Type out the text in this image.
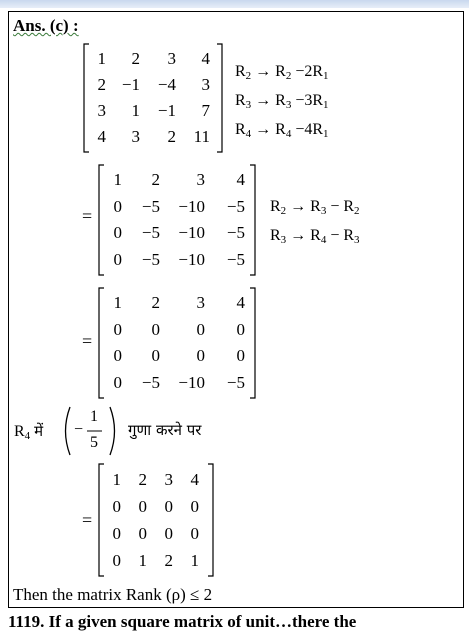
Ans. (c) :
1 2 3 4
2 −1 −4 3
3 1 −1 7
4 3 2 11
$R_2 \to R_2 -2R_1$
$R_3 \to R_3 -3R_1$
$R_4 \to R_4 -4R_1$
=
1 2 3 4
0 −5 −10 −5
0 −5 −10 −5
0 −5 −10 −5
$R_2 \to R_3 - R_2$
$R_3 \to R_4 - R_3$
=
1 2 3 4
0 0 0 0
0 0 0 0
0 −5 −10 −5
$R_4$ में −
1
5
गुणा करने पर
=
1 2 3 4
0 0 0 0
0 0 0 0
0 1 2 1
Then the matrix Rank (ρ) ≤ 2
1119. If a given square matrix of unit…there the
